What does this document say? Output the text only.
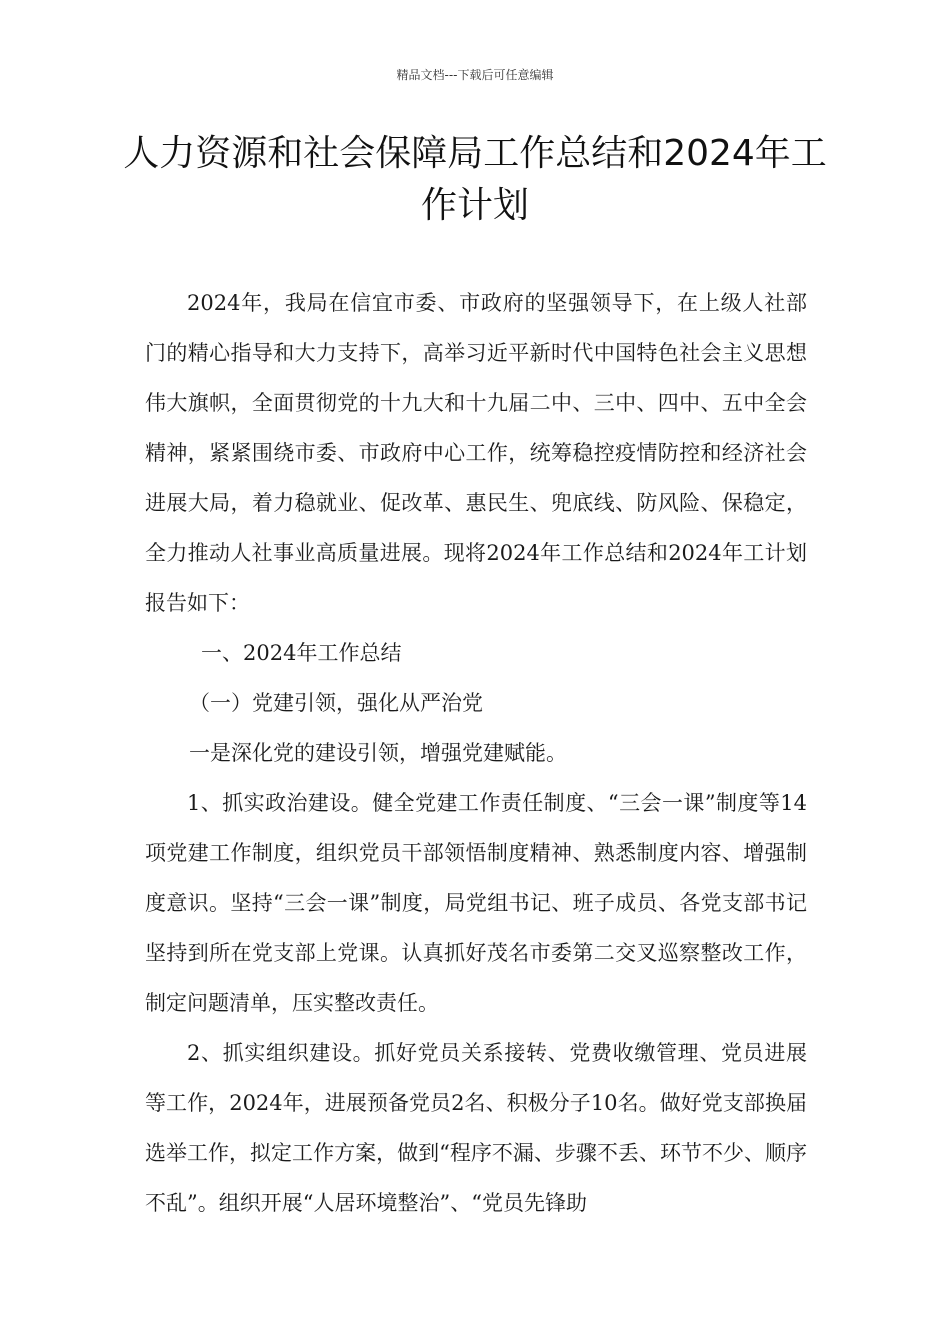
精品文档---下载后可任意编辑
人力资源和社会保障局工作总结和2024年工作计划

2024年，我局在信宜市委、市政府的坚强领导下，在上级人社部门的精心指导和大力支持下，高举习近平新时代中国特色社会主义思想伟大旗帜，全面贯彻党的十九大和十九届二中、三中、四中、五中全会精神，紧紧围绕市委、市政府中心工作，统筹稳控疫情防控和经济社会进展大局，着力稳就业、促改革、惠民生、兜底线、防风险、保稳定，全力推动人社事业高质量进展。现将2024年工作总结和2024年工计划报告如下：

一、2024年工作总结

（一）党建引领，强化从严治党

一是深化党的建设引领，增强党建赋能。

1、抓实政治建设。健全党建工作责任制度、“三会一课”制度等14项党建工作制度，组织党员干部领悟制度精神、熟悉制度内容、增强制度意识。坚持“三会一课”制度，局党组书记、班子成员、各党支部书记坚持到所在党支部上党课。认真抓好茂名市委第二交叉巡察整改工作，制定问题清单，压实整改责任。

2、抓实组织建设。抓好党员关系接转、党费收缴管理、党员进展等工作，2024年，进展预备党员2名、积极分子10名。做好党支部换届选举工作，拟定工作方案，做到“程序不漏、步骤不丢、环节不少、顺序不乱”。组织开展“人居环境整治”、“党员先锋助
